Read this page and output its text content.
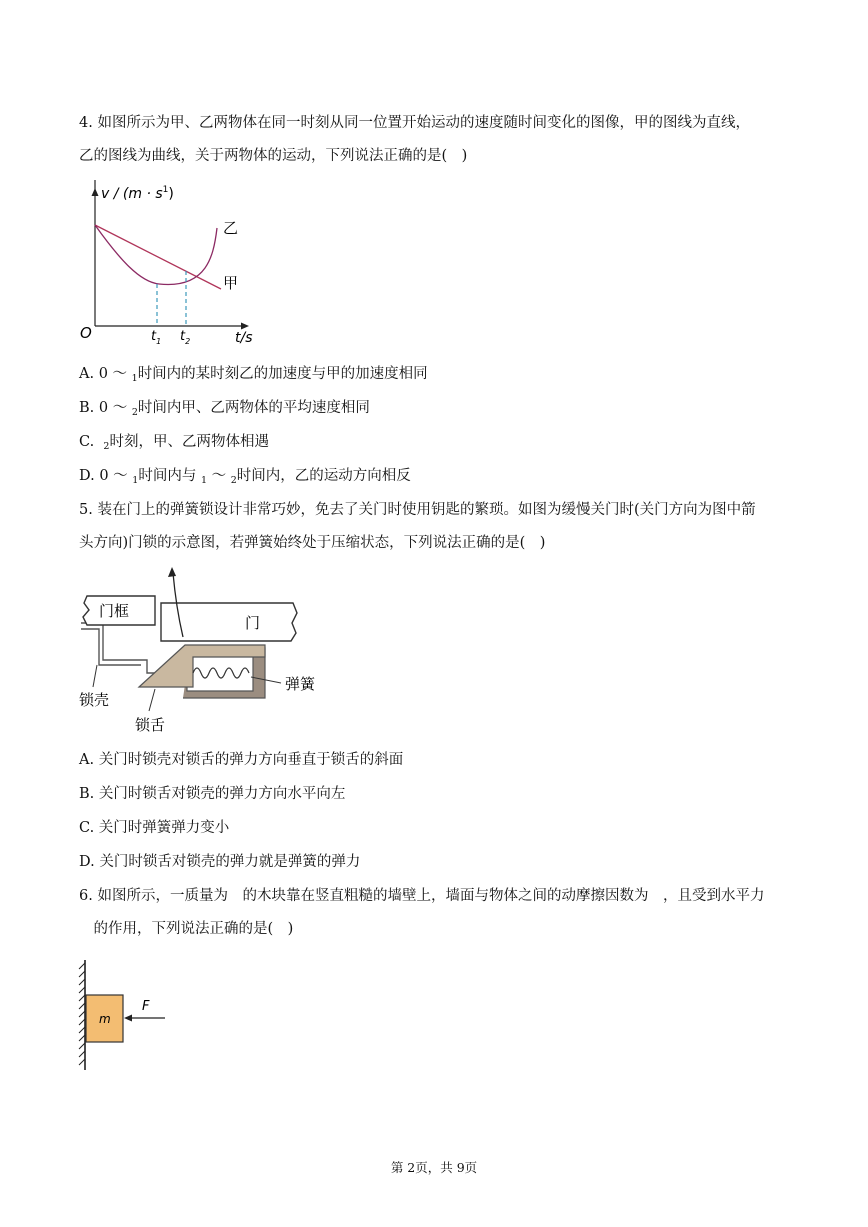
4. 如图所示为甲、乙两物体在同一时刻从同一位置开始运动的速度随时间变化的图像，甲的图线为直线，
乙的图线为曲线，关于两物体的运动，下列说法正确的是(　)
$v / (m \cdot s^1)$
O	t/s
$t_1$ $t_2$
乙
甲
A. 0 ～ $_1$时间内的某时刻乙的加速度与甲的加速度相同
B. 0 ～ $_2$时间内甲、乙两物体的平均速度相同
C.  $_2$时刻，甲、乙两物体相遇
D. 0 ～ $_1$时间内与 $_1$ ～ $_2$时间内，乙的运动方向相反
5. 装在门上的弹簧锁设计非常巧妙，免去了关门时使用钥匙的繁琐。如图为缓慢关门时(关门方向为图中箭
头方向)门锁的示意图，若弹簧始终处于压缩状态，下列说法正确的是(　)
门框
门
弹簧
锁壳
锁舌
A. 关门时锁壳对锁舌的弹力方向垂直于锁舌的斜面
B. 关门时锁舌对锁壳的弹力方向水平向左
C. 关门时弹簧弹力变小
D. 关门时锁舌对锁壳的弹力就是弹簧的弹力
6. 如图所示，一质量为　的木块靠在竖直粗糙的墙壁上，墙面与物体之间的动摩擦因数为　，且受到水平力
　的作用，下列说法正确的是(　)
m
F
第 2页，共 9页
